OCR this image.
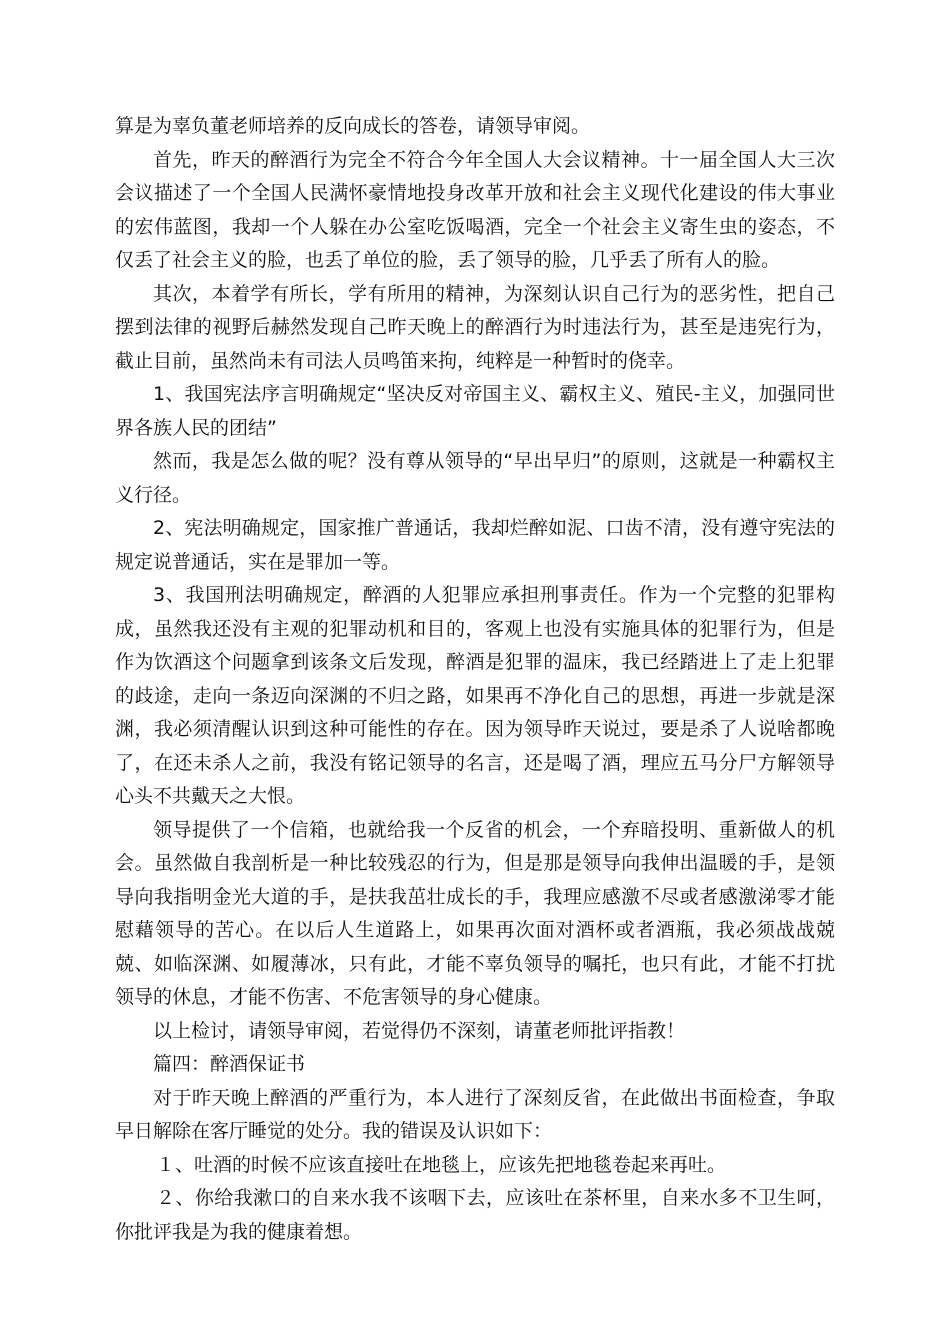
算是为辜负董老师培养的反向成长的答卷，请领导审阅。

首先，昨天的醉酒行为完全不符合今年全国人大会议精神。十一届全国人大三次会议描述了一个全国人民满怀豪情地投身改革开放和社会主义现代化建设的伟大事业的宏伟蓝图，我却一个人躲在办公室吃饭喝酒，完全一个社会主义寄生虫的姿态，不仅丢了社会主义的脸，也丢了单位的脸，丢了领导的脸，几乎丢了所有人的脸。

其次，本着学有所长，学有所用的精神，为深刻认识自己行为的恶劣性，把自己摆到法律的视野后赫然发现自己昨天晚上的醉酒行为时违法行为，甚至是违宪行为，截止目前，虽然尚未有司法人员鸣笛来拘，纯粹是一种暂时的侥幸。

1、我国宪法序言明确规定“坚决反对帝国主义、霸权主义、殖民-主义，加强同世界各族人民的团结”

然而，我是怎么做的呢？没有尊从领导的“早出早归”的原则，这就是一种霸权主义行径。

2、宪法明确规定，国家推广普通话，我却烂醉如泥、口齿不清，没有遵守宪法的规定说普通话，实在是罪加一等。

3、我国刑法明确规定，醉酒的人犯罪应承担刑事责任。作为一个完整的犯罪构成，虽然我还没有主观的犯罪动机和目的，客观上也没有实施具体的犯罪行为，但是作为饮酒这个问题拿到该条文后发现，醉酒是犯罪的温床，我已经踏进上了走上犯罪的歧途，走向一条迈向深渊的不归之路，如果再不净化自己的思想，再进一步就是深渊，我必须清醒认识到这种可能性的存在。因为领导昨天说过，要是杀了人说啥都晚了，在还未杀人之前，我没有铭记领导的名言，还是喝了酒，理应五马分尸方解领导心头不共戴天之大恨。

领导提供了一个信箱，也就给我一个反省的机会，一个弃暗投明、重新做人的机会。虽然做自我剖析是一种比较残忍的行为，但是那是领导向我伸出温暖的手，是领导向我指明金光大道的手，是扶我茁壮成长的手，我理应感激不尽或者感激涕零才能慰藉领导的苦心。在以后人生道路上，如果再次面对酒杯或者酒瓶，我必须战战兢兢、如临深渊、如履薄冰，只有此，才能不辜负领导的嘱托，也只有此，才能不打扰领导的休息，才能不伤害、不危害领导的身心健康。

以上检讨，请领导审阅，若觉得仍不深刻，请董老师批评指教！

篇四：醉酒保证书

对于昨天晚上醉酒的严重行为，本人进行了深刻反省，在此做出书面检查，争取早日解除在客厅睡觉的处分。我的错误及认识如下：

１、吐酒的时候不应该直接吐在地毯上，应该先把地毯卷起来再吐。

２、你给我漱口的自来水我不该咽下去，应该吐在茶杯里，自来水多不卫生呵，你批评我是为我的健康着想。
